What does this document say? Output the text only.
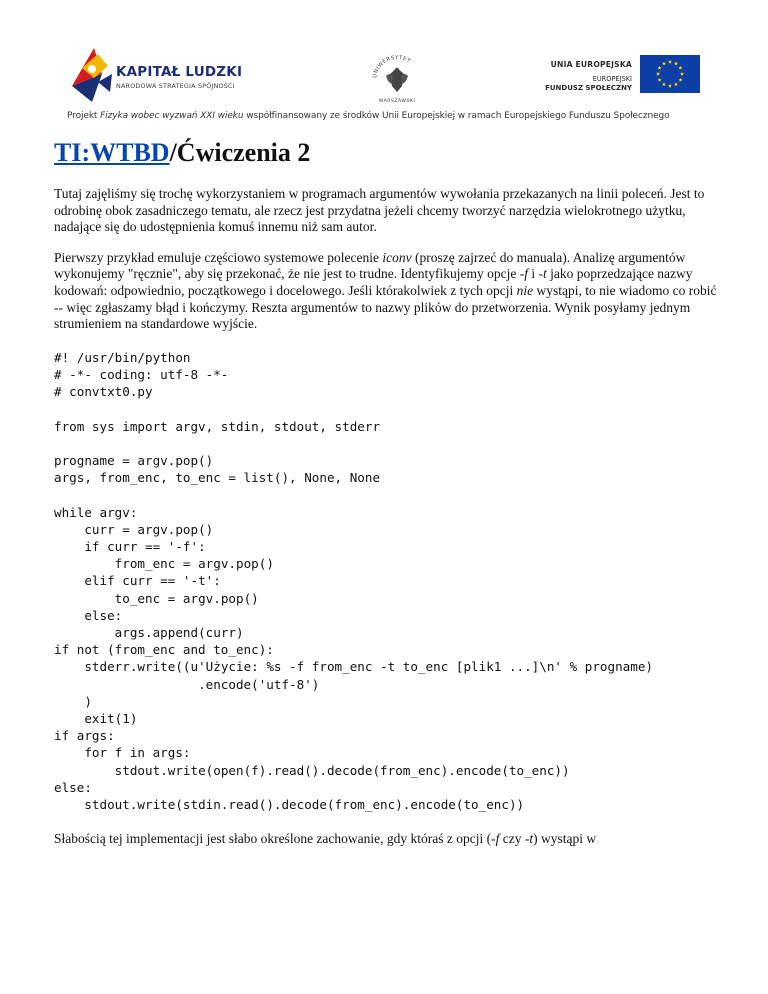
KAPITAŁ LUDZKI
NARODOWA STRATEGIA SPÓJNOŚCI
UNIWERSYTET
WARSZAWSKI
UNIA EUROPEJSKA
EUROPEJSKI
FUNDUSZ SPOŁECZNY
Projekt Fizyka wobec wyzwań XXI wieku współfinansowany ze środków Unii Europejskiej w ramach Europejskiego Funduszu Społecznego
TI:WTBD/Ćwiczenia 2

Tutaj zajęliśmy się trochę wykorzystaniem w programach argumentów wywołania przekazanych na linii poleceń. Jest to odrobinę obok zasadniczego tematu, ale rzecz jest przydatna jeżeli chcemy tworzyć narzędzia wielokrotnego użytku, nadające się do udostępnienia komuś innemu niż sam autor.

Pierwszy przykład emuluje częściowo systemowe polecenie iconv (proszę zajrzeć do manuala). Analizę argumentów wykonujemy "ręcznie", aby się przekonać, że nie jest to trudne. Identyfikujemy opcje -f i -t jako poprzedzające nazwy kodowań: odpowiednio, początkowego i docelowego. Jeśli którakolwiek z tych opcji nie wystąpi, to nie wiadomo co robić -- więc zgłaszamy błąd i kończymy. Reszta argumentów to nazwy plików do przetworzenia. Wynik posyłamy jednym strumieniem na standardowe wyjście.

#! /usr/bin/python
# -*- coding: utf-8 -*-
# convtxt0.py

from sys import argv, stdin, stdout, stderr

progname = argv.pop()
args, from_enc, to_enc = list(), None, None

while argv:
curr = argv.pop()
if curr == '-f':
from_enc = argv.pop()
elif curr == '-t':
to_enc = argv.pop()
else:
args.append(curr)
if not (from_enc and to_enc):
stderr.write((u'Użycie: %s -f from_enc -t to_enc [plik1 ...]\n' % progname)
.encode('utf-8')
)
exit(1)
if args:
for f in args:
stdout.write(open(f).read().decode(from_enc).encode(to_enc))
else:
stdout.write(stdin.read().decode(from_enc).encode(to_enc))

Słabością tej implementacji jest słabo określone zachowanie, gdy któraś z opcji (-f czy -t) wystąpi w
